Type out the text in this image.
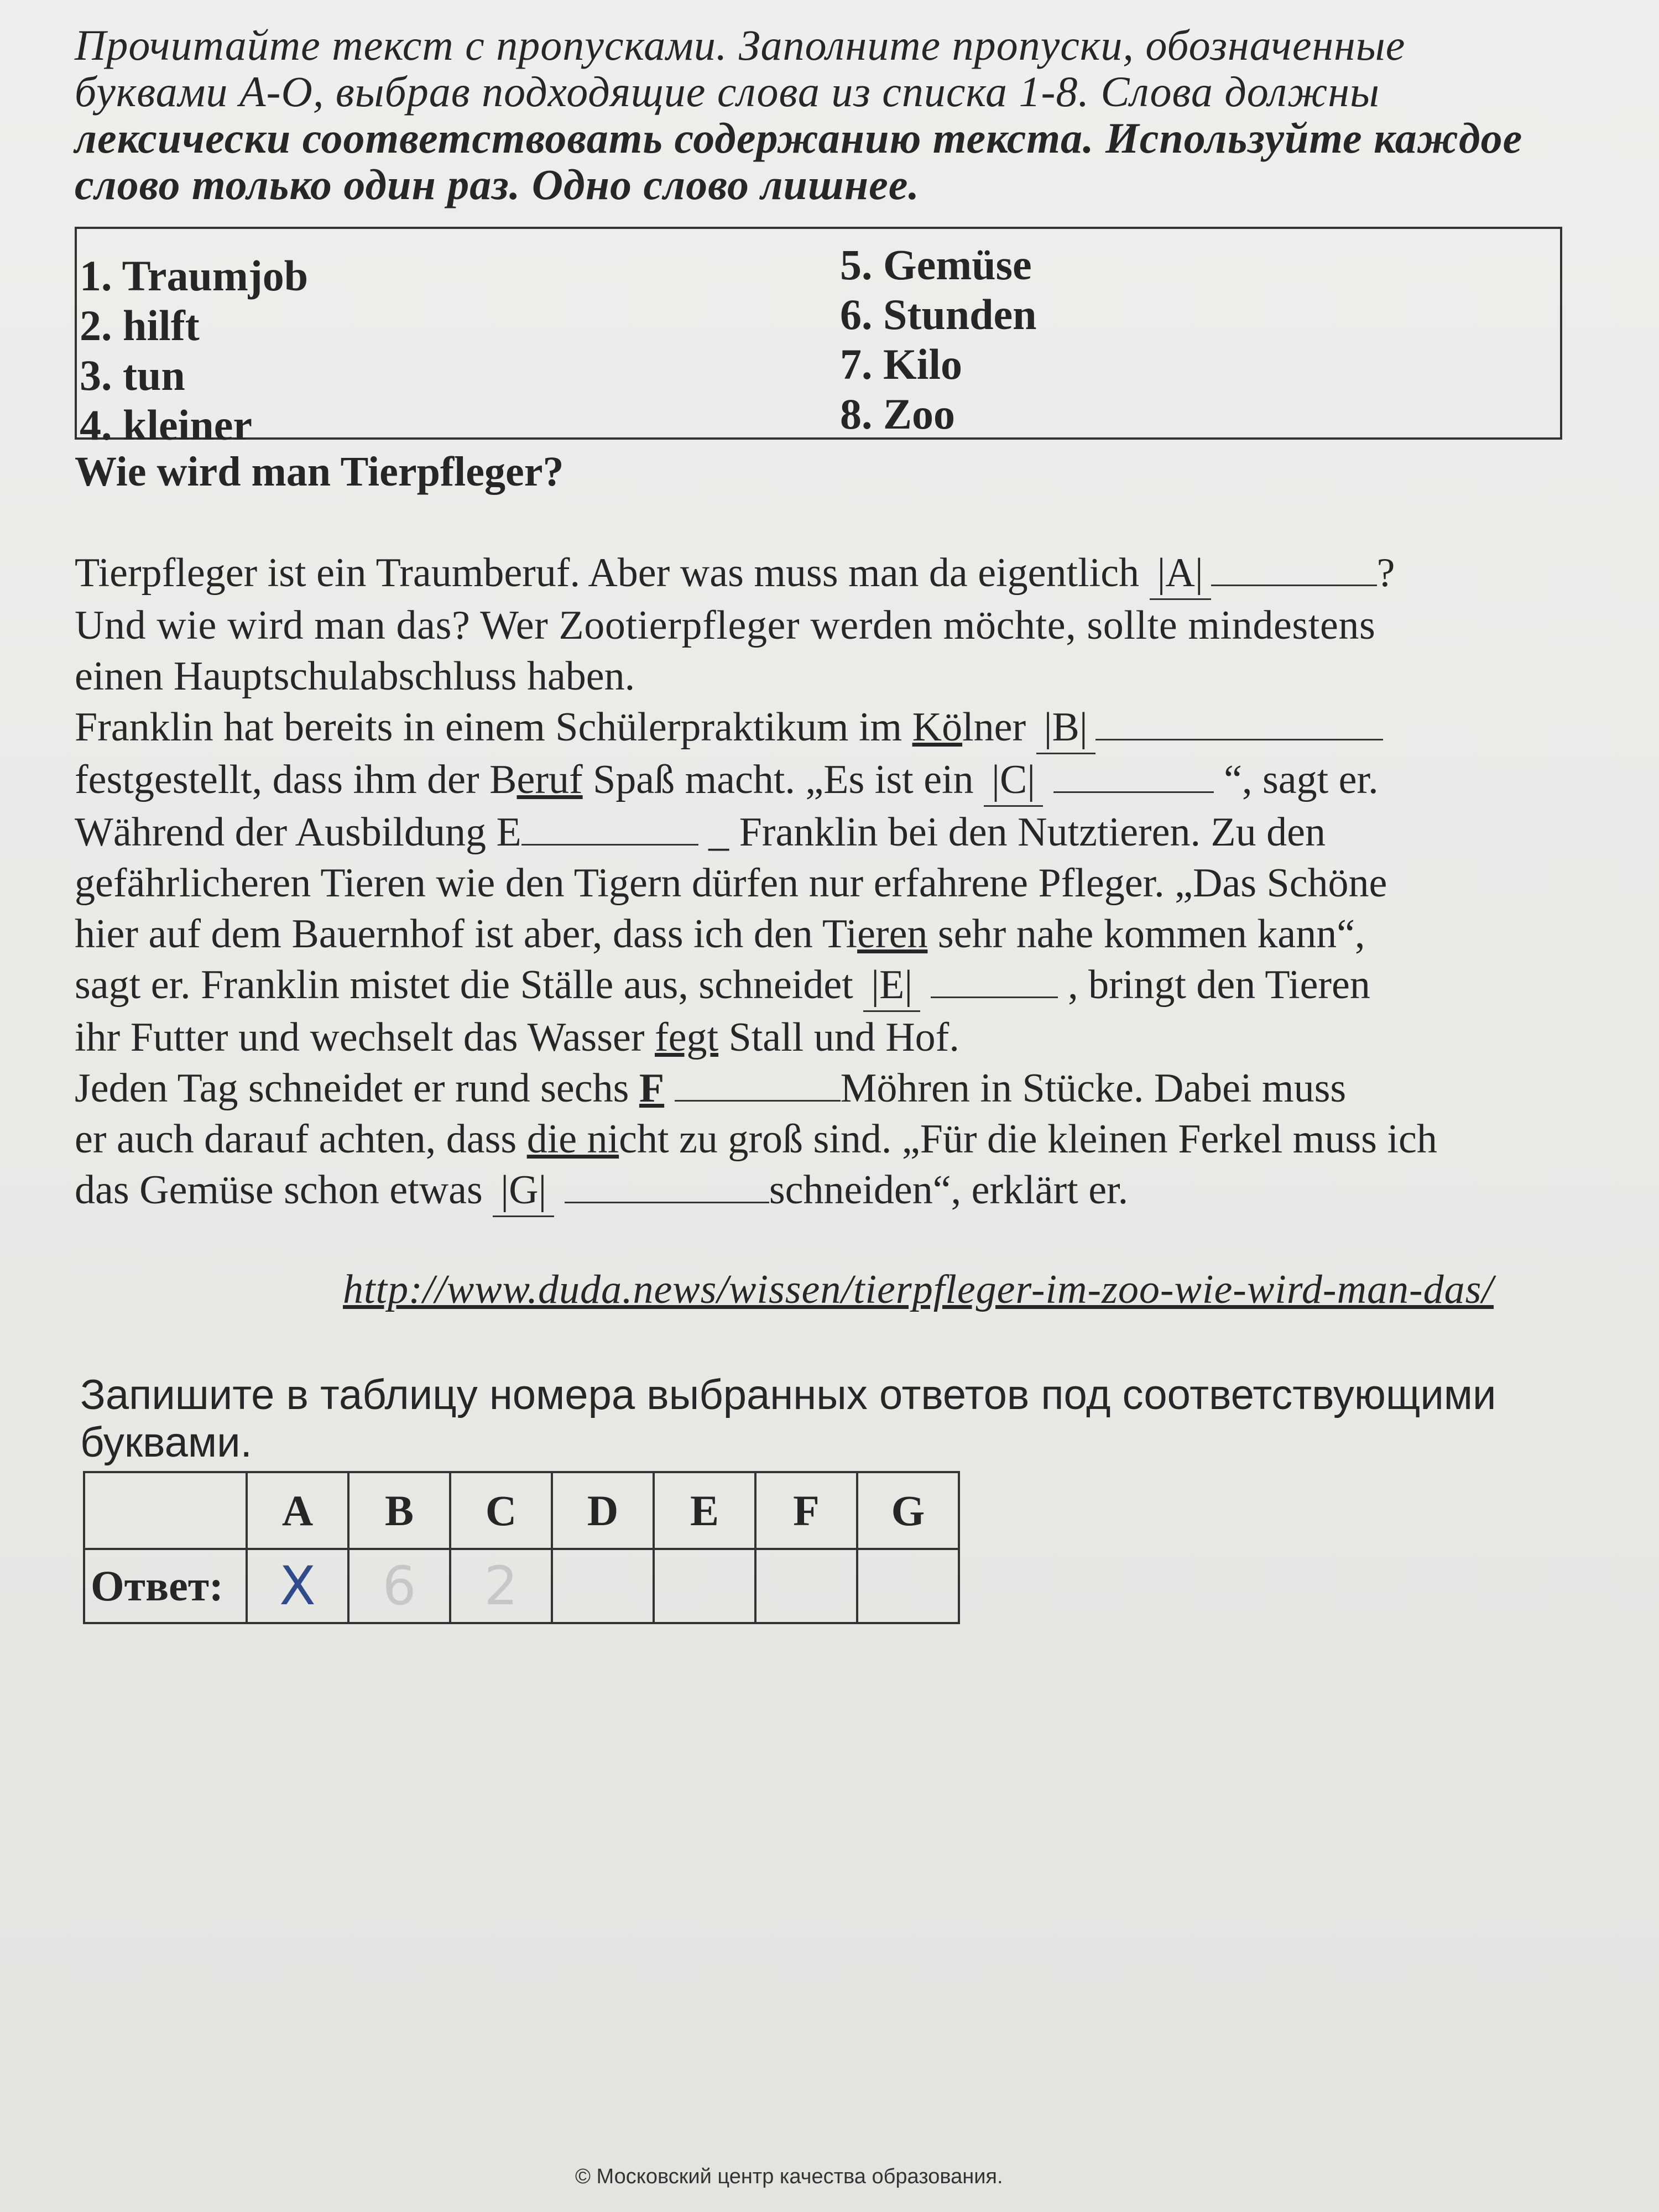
Прочитайте текст с пропусками. Заполните пропуски, обозначенные
буквами А-О, выбрав подходящие слова из списка 1-8. Слова должны
лексически соответствовать содержанию текста. Используйте каждое
слово только один раз. Одно слово лишнее.
1. Traumjob
2. hilft
3. tun
4. kleiner
5. Gemüse
6. Stunden
7. Kilo
8. Zoo
Wie wird man Tierpfleger?
Tierpfleger ist ein Traumberuf. Aber was muss man da eigentlich | A |	?
Und wie wird man das? Wer Zootierpfleger werden möchte, sollte mindestens
einen Hauptschulabschluss haben.
Franklin hat bereits in einem Schülerpraktikum im Kölner | B |
festgestellt, dass ihm der Beruf Spaß macht. „Es ist ein | C |	“, sagt er.
Während der Ausbildung E	_ Franklin bei den Nutztieren. Zu den
gefährlicheren Tieren wie den Tigern dürfen nur erfahrene Pfleger. „Das Schöne
hier auf dem Bauernhof ist aber, dass ich den Tieren sehr nahe kommen kann“,
sagt er. Franklin mistet die Ställe aus, schneidet | E |	, bringt den Tieren
ihr Futter und wechselt das Wasser fegt Stall und Hof.
Jeden Tag schneidet er rund sechs F	Möhren in Stücke. Dabei muss
er auch darauf achten, dass die nicht zu groß sind. „Für die kleinen Ferkel muss ich
das Gemüse schon etwas | G |	schneiden“, erklärt er.
http://www.duda.news/wissen/tierpfleger-im-zoo-wie-wird-man-das/
Запишите в таблицу номера выбранных ответов под соответствующими
буквами.
	A	B	C	D	E	F	G
Ответ:	Х	6	2				
© Московский центр качества образования.
